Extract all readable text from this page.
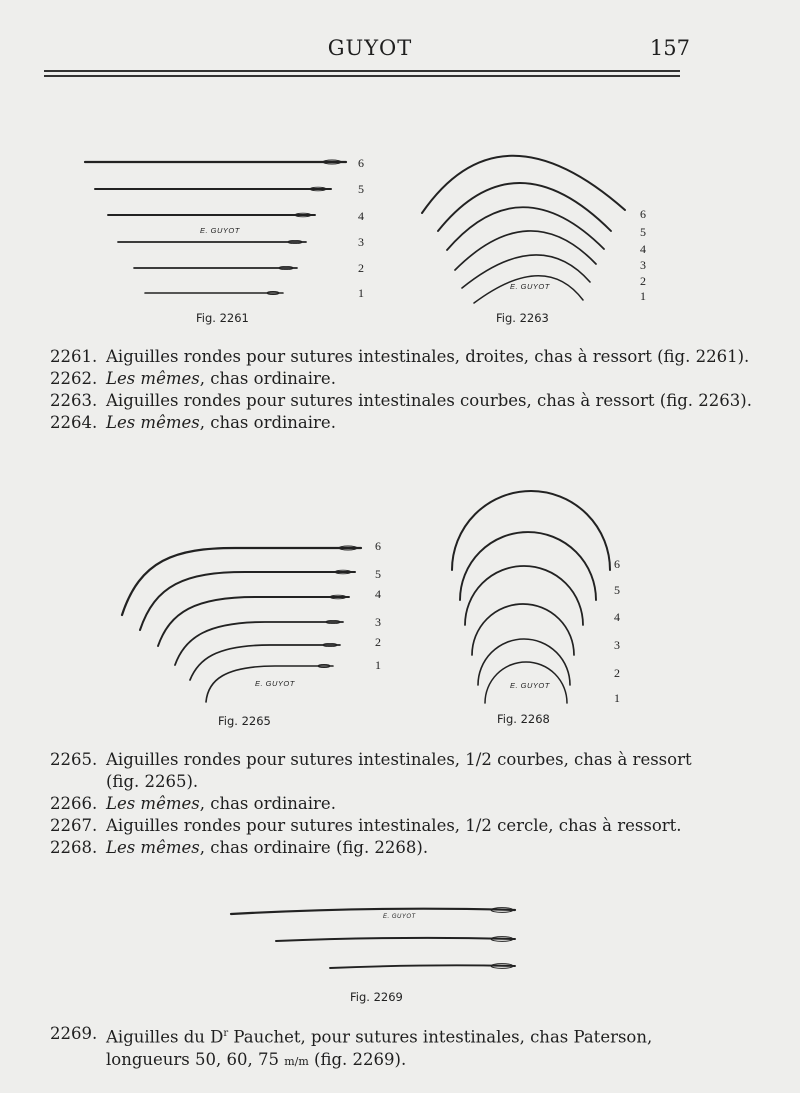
GUYOT	157
E. GUYOT
6
5
4
3
2
1
Fig. 2261
E. GUYOT
6
5
4
3
2
1
Fig. 2263
2261 . Aiguilles rondes pour sutures intestinales, droites, chas à ressort (fig. 2261).
2262 . Les mêmes, chas ordinaire.
2263 . Aiguilles rondes pour sutures intestinales courbes, chas à ressort (fig. 2263).
2264 . Les mêmes, chas ordinaire.
E. GUYOT
6
5
4
3
2
1
Fig. 2265
E. GUYOT
6
5
4
3
2
1
Fig. 2268
2265 . Aiguilles rondes pour sutures intestinales, 1/2 courbes, chas à ressort (fig. 2265).
2266 . Les mêmes, chas ordinaire.
2267 . Aiguilles rondes pour sutures intestinales, 1/2 cercle, chas à ressort.
2268 . Les mêmes, chas ordinaire (fig. 2268).
E. GUYOT
Fig. 2269
2269 . Aiguilles du $D^r$ Pauchet, pour sutures intestinales, chas Paterson, longueurs 50, 60, 75 m/m (fig. 2269).
